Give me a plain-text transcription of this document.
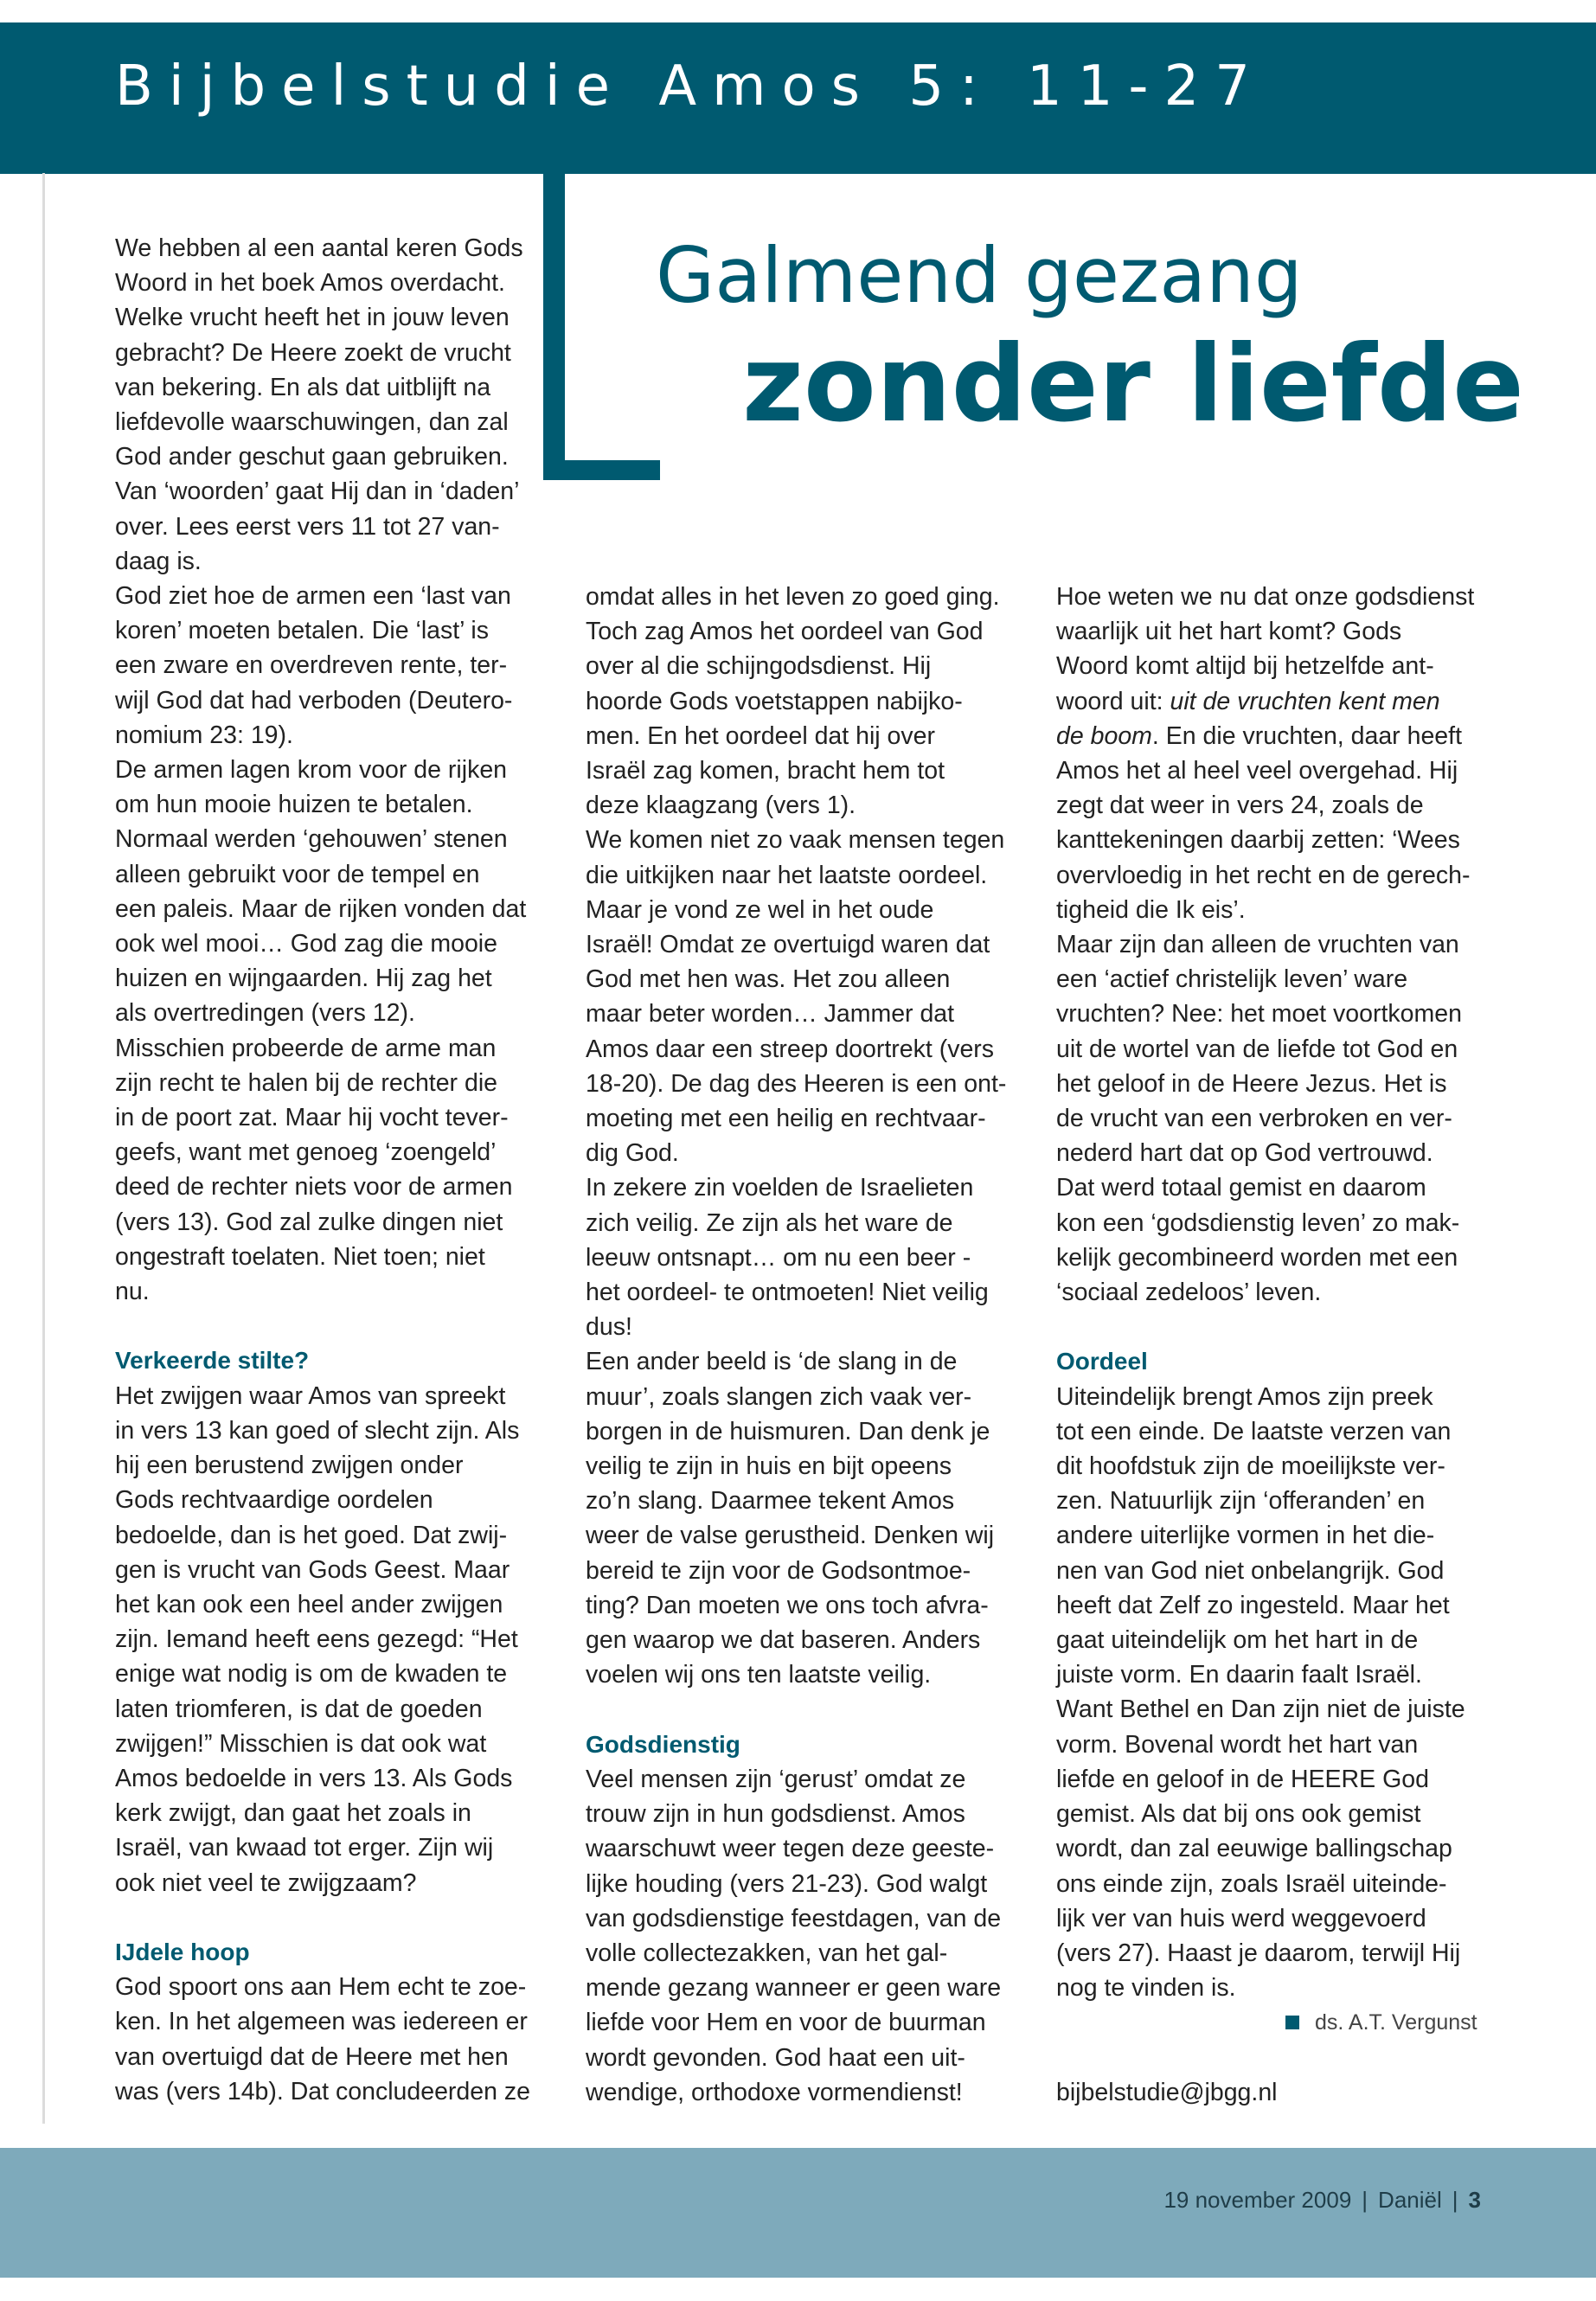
Bijbelstudie Amos 5: 11-27
Galmend gezang
zonder liefde

We hebben al een aantal keren Gods

Woord in het boek Amos overdacht.

Welke vrucht heeft het in jouw leven

gebracht? De Heere zoekt de vrucht

van bekering. En als dat uitblijft na

liefdevolle waarschuwingen, dan zal

God ander geschut gaan gebruiken.

Van ‘woorden’ gaat Hij dan in ‘daden’

over. Lees eerst vers 11 tot 27 van-

daag is.

God ziet hoe de armen een ‘last van

koren’ moeten betalen. Die ‘last’ is

een zware en overdreven rente, ter-

wijl God dat had verboden (Deutero-

nomium 23: 19).

De armen lagen krom voor de rijken

om hun mooie huizen te betalen.

Normaal werden ‘gehouwen’ stenen

alleen gebruikt voor de tempel en

een paleis. Maar de rijken vonden dat

ook wel mooi… God zag die mooie

huizen en wijngaarden. Hij zag het

als overtredingen (vers 12).

Misschien probeerde de arme man

zijn recht te halen bij de rechter die

in de poort zat. Maar hij vocht tever-

geefs, want met genoeg ‘zoengeld’

deed de rechter niets voor de armen

(vers 13). God zal zulke dingen niet

ongestraft toelaten. Niet toen; niet

nu.

Verkeerde stilte?

Het zwijgen waar Amos van spreekt

in vers 13 kan goed of slecht zijn. Als

hij een berustend zwijgen onder

Gods rechtvaardige oordelen

bedoelde, dan is het goed. Dat zwij-

gen is vrucht van Gods Geest. Maar

het kan ook een heel ander zwijgen

zijn. Iemand heeft eens gezegd: “Het

enige wat nodig is om de kwaden te

laten triomferen, is dat de goeden

zwijgen!” Misschien is dat ook wat

Amos bedoelde in vers 13. Als Gods

kerk zwijgt, dan gaat het zoals in

Israël, van kwaad tot erger. Zijn wij

ook niet veel te zwijgzaam?

IJdele hoop

God spoort ons aan Hem echt te zoe-

ken. In het algemeen was iedereen er

van overtuigd dat de Heere met hen

was (vers 14b). Dat concludeerden ze

omdat alles in het leven zo goed ging.

Toch zag Amos het oordeel van God

over al die schijngodsdienst. Hij

hoorde Gods voetstappen nabijko-

men. En het oordeel dat hij over

Israël zag komen, bracht hem tot

deze klaagzang (vers 1).

We komen niet zo vaak mensen tegen

die uitkijken naar het laatste oordeel.

Maar je vond ze wel in het oude

Israël! Omdat ze overtuigd waren dat

God met hen was. Het zou alleen

maar beter worden… Jammer dat

Amos daar een streep doortrekt (vers

18-20). De dag des Heeren is een ont-

moeting met een heilig en rechtvaar-

dig God.

In zekere zin voelden de Israelieten

zich veilig. Ze zijn als het ware de

leeuw ontsnapt… om nu een beer -

het oordeel- te ontmoeten! Niet veilig

dus!

Een ander beeld is ‘de slang in de

muur’, zoals slangen zich vaak ver-

borgen in de huismuren. Dan denk je

veilig te zijn in huis en bijt opeens

zo’n slang. Daarmee tekent Amos

weer de valse gerustheid. Denken wij

bereid te zijn voor de Godsontmoe-

ting? Dan moeten we ons toch afvra-

gen waarop we dat baseren. Anders

voelen wij ons ten laatste veilig.

Godsdienstig

Veel mensen zijn ‘gerust’ omdat ze

trouw zijn in hun godsdienst. Amos

waarschuwt weer tegen deze geeste-

lijke houding (vers 21-23). God walgt

van godsdienstige feestdagen, van de

volle collectezakken, van het gal-

mende gezang wanneer er geen ware

liefde voor Hem en voor de buurman

wordt gevonden. God haat een uit-

wendige, orthodoxe vormendienst!

Hoe weten we nu dat onze godsdienst

waarlijk uit het hart komt? Gods

Woord komt altijd bij hetzelfde ant-

woord uit: uit de vruchten kent men

de boom. En die vruchten, daar heeft

Amos het al heel veel overgehad. Hij

zegt dat weer in vers 24, zoals de

kanttekeningen daarbij zetten: ‘Wees

overvloedig in het recht en de gerech-

tigheid die Ik eis’.

Maar zijn dan alleen de vruchten van

een ‘actief christelijk leven’ ware

vruchten? Nee: het moet voortkomen

uit de wortel van de liefde tot God en

het geloof in de Heere Jezus. Het is

de vrucht van een verbroken en ver-

nederd hart dat op God vertrouwd.

Dat werd totaal gemist en daarom

kon een ‘godsdienstig leven’ zo mak-

kelijk gecombineerd worden met een

‘sociaal zedeloos’ leven.

Oordeel

Uiteindelijk brengt Amos zijn preek

tot een einde. De laatste verzen van

dit hoofdstuk zijn de moeilijkste ver-

zen. Natuurlijk zijn ‘offeranden’ en

andere uiterlijke vormen in het die-

nen van God niet onbelangrijk. God

heeft dat Zelf zo ingesteld. Maar het

gaat uiteindelijk om het hart in de

juiste vorm. En daarin faalt Israël.

Want Bethel en Dan zijn niet de juiste

vorm. Bovenal wordt het hart van

liefde en geloof in de HEERE God

gemist. Als dat bij ons ook gemist

wordt, dan zal eeuwige ballingschap

ons einde zijn, zoals Israël uiteinde-

lijk ver van huis werd weggevoerd

(vers 27). Haast je daarom, terwijl Hij

nog te vinden is.

ds. A.T. Vergunst

bijbelstudie@jbgg.nl

19 november 2009 | Daniël | 3
